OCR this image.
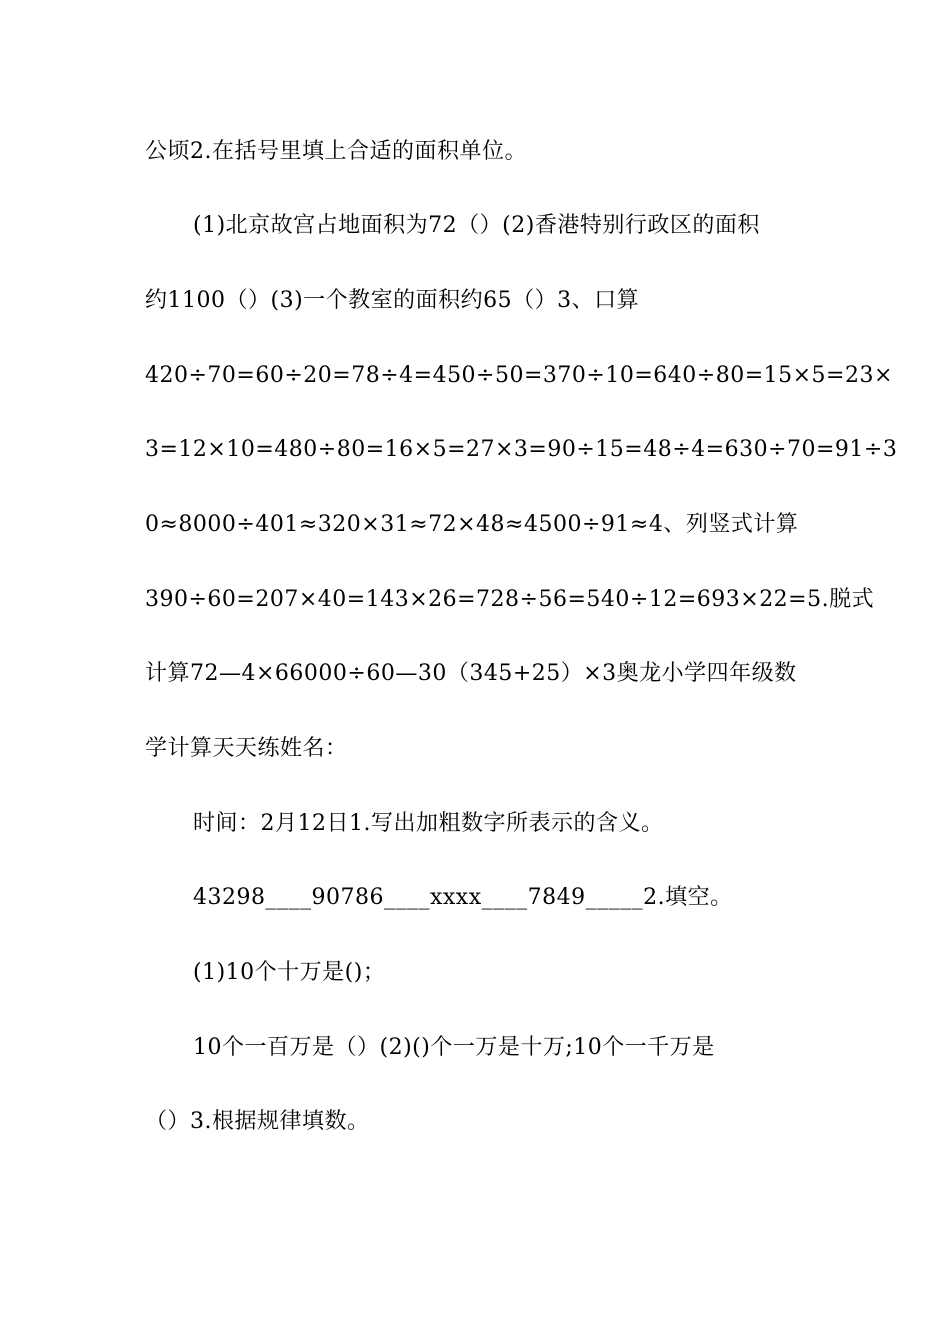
公顷2.在括号里填上合适的面积单位。
(1)北京故宫占地面积为72（）(2)香港特别行政区的面积
约1100（）(3)一个教室的面积约65（）3、口算
420÷70=60÷20=78÷4=450÷50=370÷10=640÷80=15×5=23×
3=12×10=480÷80=16×5=27×3=90÷15=48÷4=630÷70=91÷3
0≈8000÷401≈320×31≈72×48≈4500÷91≈4、列竖式计算
390÷60=207×40=143×26=728÷56=540÷12=693×22=5.脱式
计算72—4×66000÷60—30（345+25）×3奥龙小学四年级数
学计算天天练姓名：
时间：2月12日1.写出加粗数字所表示的含义。
43298____90786____xxxx____7849_____2.填空。
(1)10个十万是()；
10个一百万是（）(2)()个一万是十万;10个一千万是
（）3.根据规律填数。
